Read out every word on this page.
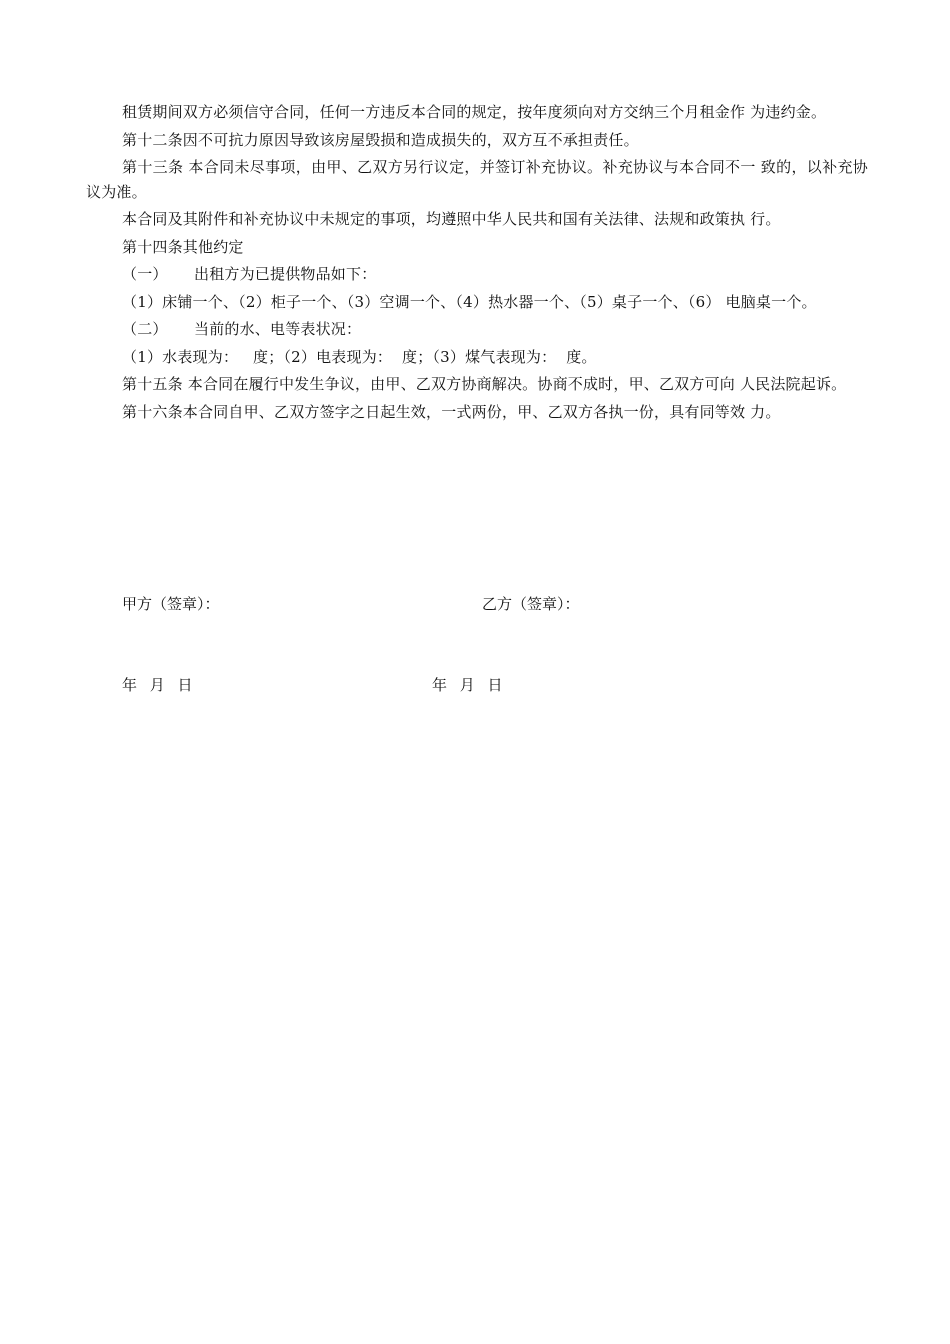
租赁期间双方必须信守合同，任何一方违反本合同的规定，按年度须向对方交纳三个月租金作 为违约金。

第十二条因不可抗力原因导致该房屋毁损和造成损失的，双方互不承担责任。

第十三条 本合同未尽事项，由甲、乙双方另行议定，并签订补充协议。补充协议与本合同不一 致的，以补充协议为准。

本合同及其附件和补充协议中未规定的事项，均遵照中华人民共和国有关法律、法规和政策执 行。

第十四条其他约定

（一）	出租方为已提供物品如下：

（1）床铺一个、（2）柜子一个、（3）空调一个、（4）热水器一个、（5）桌子一个、（6） 电脑桌一个。

（二）	当前的水、电等表状况：

（1）水表现为：   度；（2）电表现为：  度；（3）煤气表现为：  度。

第十五条 本合同在履行中发生争议，由甲、乙双方协商解决。协商不成时，甲、乙双方可向 人民法院起诉。

第十六条本合同自甲、乙双方签字之日起生效，一式两份，甲、乙双方各执一份，具有同等效 力。

甲方（签章）：	乙方（签章）：
年 月 日	年 月 日
